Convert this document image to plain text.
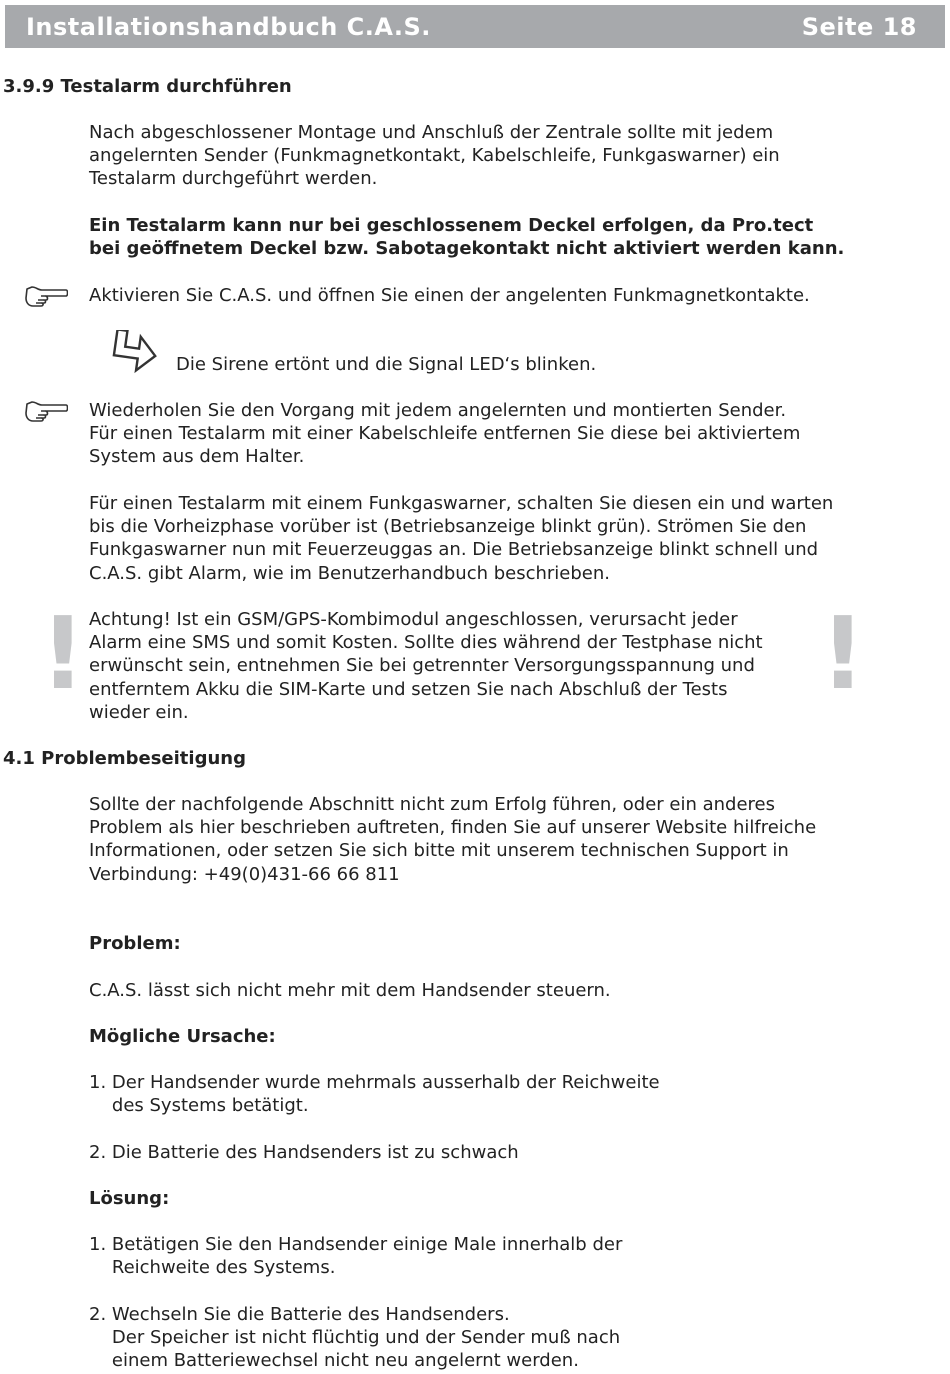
Installationshandbuch C.A.S.	Seite 18
3.9.9 Testalarm durchführen
Nach abgeschlossener Montage und Anschluß der Zentrale sollte mit jedem
angelernten Sender (Funkmagnetkontakt, Kabelschleife, Funkgaswarner) ein
Testalarm durchgeführt werden.
Ein Testalarm kann nur bei geschlossenem Deckel erfolgen, da Pro.tect
bei geöffnetem Deckel bzw. Sabotagekontakt nicht aktiviert werden kann.
Aktivieren Sie C.A.S. und öffnen Sie einen der angelenten Funkmagnetkontakte.
Die Sirene ertönt und die Signal LED‘s blinken.
Wiederholen Sie den Vorgang mit jedem angelernten und montierten Sender.
Für einen Testalarm mit einer Kabelschleife entfernen Sie diese bei aktiviertem
System aus dem Halter.
Für einen Testalarm mit einem Funkgaswarner, schalten Sie diesen ein und warten
bis die Vorheizphase vorüber ist (Betriebsanzeige blinkt grün). Strömen Sie den
Funkgaswarner nun mit Feuerzeuggas an. Die Betriebsanzeige blinkt schnell und
C.A.S. gibt Alarm, wie im Benutzerhandbuch beschrieben.
! Achtung! Ist ein GSM/GPS-Kombimodul angeschlossen, verursacht jeder
Alarm eine SMS und somit Kosten. Sollte dies während der Testphase nicht
erwünscht sein, entnehmen Sie bei getrennter Versorgungsspannung und
entferntem Akku die SIM-Karte und setzen Sie nach Abschluß der Tests
wieder ein.
!
4.1 Problembeseitigung
Sollte der nachfolgende Abschnitt nicht zum Erfolg führen, oder ein anderes
Problem als hier beschrieben auftreten, finden Sie auf unserer Website hilfreiche
Informationen, oder setzen Sie sich bitte mit unserem technischen Support in
Verbindung: +49(0)431-66 66 811
Problem:
C.A.S. lässt sich nicht mehr mit dem Handsender steuern.
Mögliche Ursache:
1. Der Handsender wurde mehrmals ausserhalb der Reichweite
des Systems betätigt.
2. Die Batterie des Handsenders ist zu schwach
Lösung:
1. Betätigen Sie den Handsender einige Male innerhalb der
Reichweite des Systems.
2. Wechseln Sie die Batterie des Handsenders.
Der Speicher ist nicht flüchtig und der Sender muß nach
einem Batteriewechsel nicht neu angelernt werden.
